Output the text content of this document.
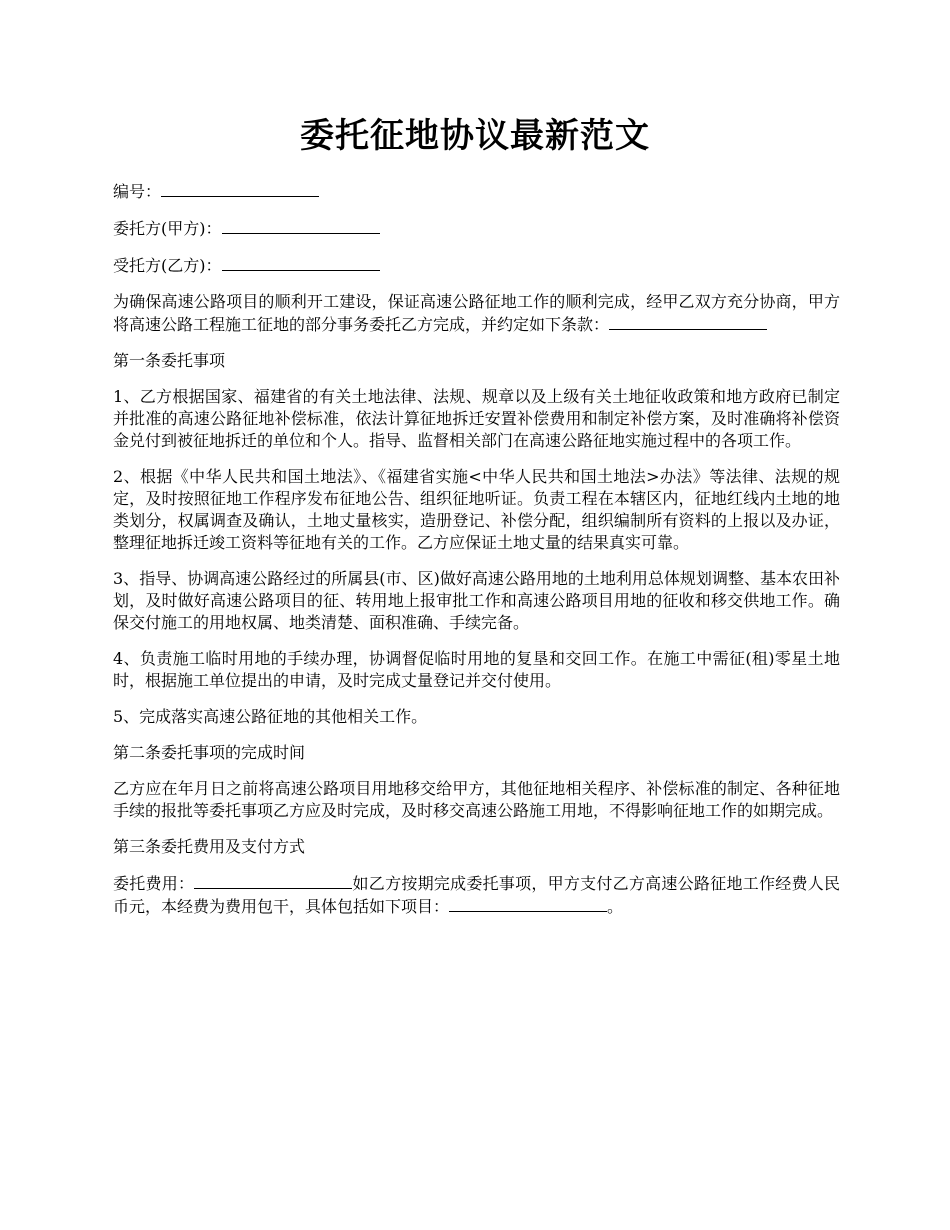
委托征地协议最新范文

编号：

委托方(甲方)：

受托方(乙方)：

为确保高速公路项目的顺利开工建设，保证高速公路征地工作的顺利完成，经甲乙双方充分协商，甲方将高速公路工程施工征地的部分事务委托乙方完成，并约定如下条款：

第一条委托事项

1、乙方根据国家、福建省的有关土地法律、法规、规章以及上级有关土地征收政策和地方政府已制定并批准的高速公路征地补偿标准，依法计算征地拆迁安置补偿费用和制定补偿方案，及时准确将补偿资金兑付到被征地拆迁的单位和个人。指导、监督相关部门在高速公路征地实施过程中的各项工作。

2、根据《中华人民共和国土地法》、《福建省实施<中华人民共和国土地法>办法》等法律、法规的规定，及时按照征地工作程序发布征地公告、组织征地听证。负责工程在本辖区内，征地红线内土地的地类划分，权属调查及确认，土地丈量核实，造册登记、补偿分配，组织编制所有资料的上报以及办证，整理征地拆迁竣工资料等征地有关的工作。乙方应保证土地丈量的结果真实可靠。

3、指导、协调高速公路经过的所属县(市、区)做好高速公路用地的土地利用总体规划调整、基本农田补划，及时做好高速公路项目的征、转用地上报审批工作和高速公路项目用地的征收和移交供地工作。确保交付施工的用地权属、地类清楚、面积准确、手续完备。

4、负责施工临时用地的手续办理，协调督促临时用地的复垦和交回工作。在施工中需征(租)零星土地时，根据施工单位提出的申请，及时完成丈量登记并交付使用。

5、完成落实高速公路征地的其他相关工作。

第二条委托事项的完成时间

乙方应在年月日之前将高速公路项目用地移交给甲方，其他征地相关程序、补偿标准的制定、各种征地手续的报批等委托事项乙方应及时完成，及时移交高速公路施工用地，不得影响征地工作的如期完成。

第三条委托费用及支付方式

委托费用：	如乙方按期完成委托事项，甲方支付乙方高速公路征地工作经费人民币元，本经费为费用包干，具体包括如下项目：	。
